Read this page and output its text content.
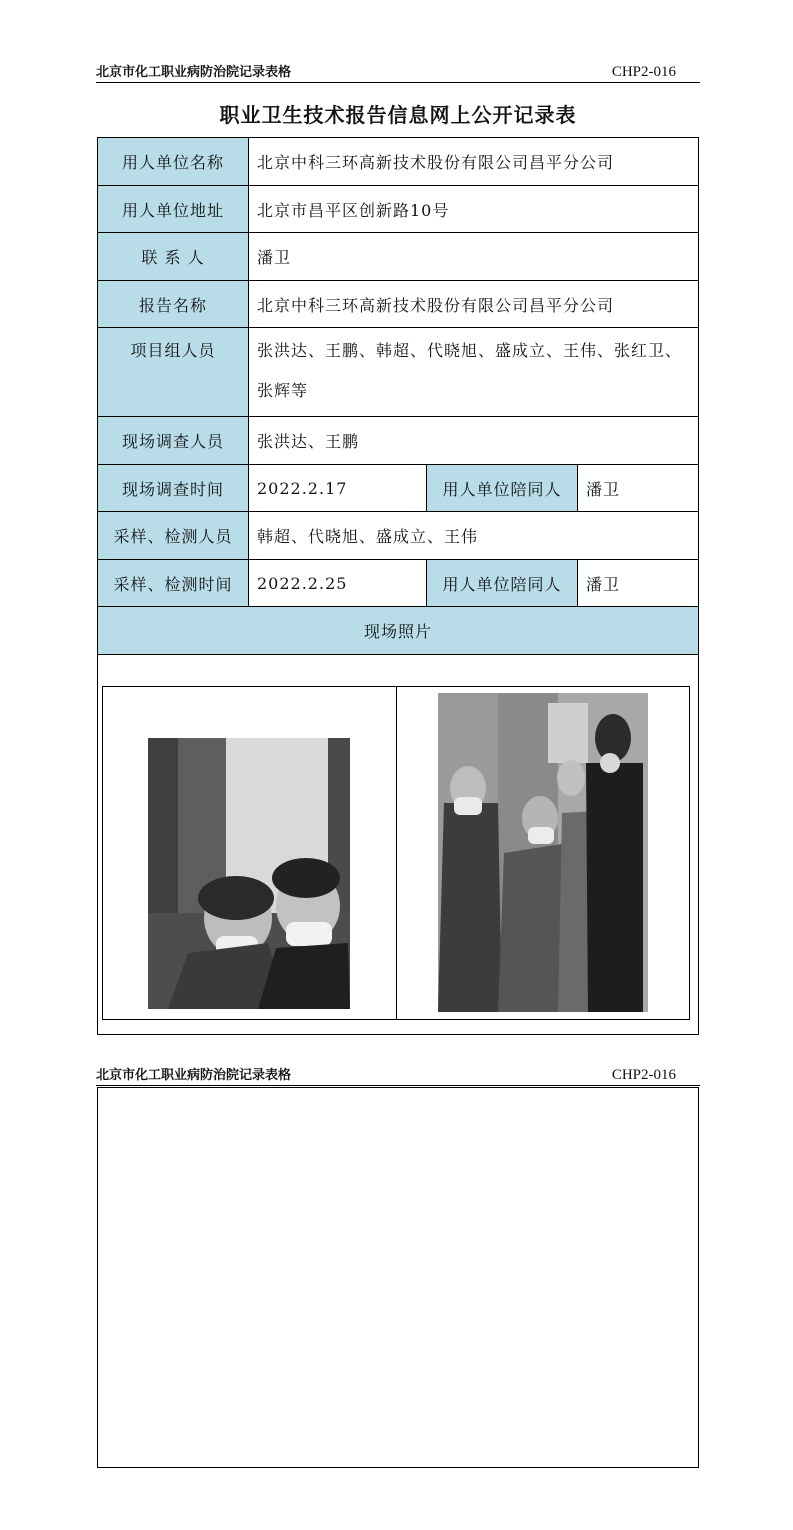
北京市化工职业病防治院记录表格	CHP2-016
职业卫生技术报告信息网上公开记录表
用人单位名称	北京中科三环高新技术股份有限公司昌平分公司		
用人单位地址	北京市昌平区创新路10号		
联 系 人	潘卫		
报告名称	北京中科三环高新技术股份有限公司昌平分公司		
项目组人员	张洪达、王鹏、韩超、代晓旭、盛成立、王伟、张红卫、张辉等		
现场调查人员	张洪达、王鹏		
现场调查时间	2022.2.17	用人单位陪同人	潘卫
采样、检测人员	韩超、代晓旭、盛成立、王伟		
采样、检测时间	2022.2.25	用人单位陪同人	潘卫
现场照片			

北京市化工职业病防治院记录表格	CHP2-016
